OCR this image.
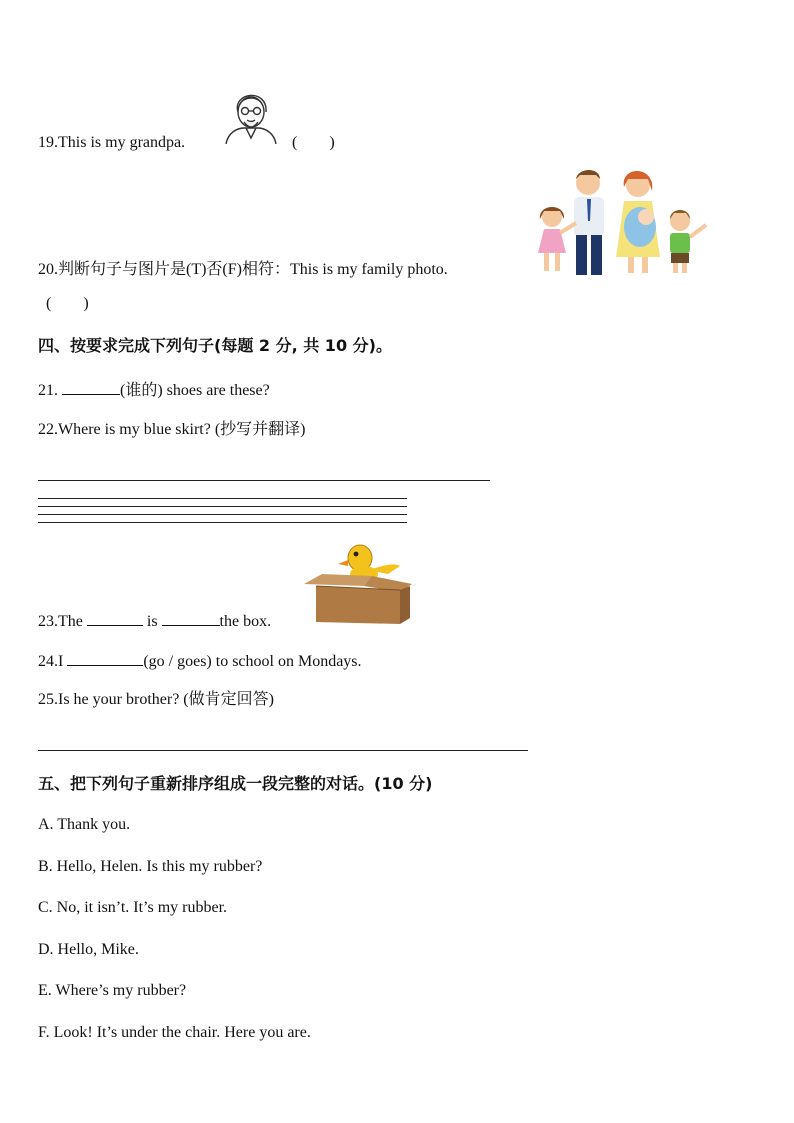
19.This is my grandpa.	(　　)
20.判断句子与图片是(T)否(F)相符：This is my family photo.
(　　)
四、按要求完成下列句子(每题 2 分, 共 10 分)。
21.	(谁的) shoes are these?
22.Where is my blue skirt? (抄写并翻译)
23.The	is	the box.
24.I	(go / goes) to school on Mondays.
25.Is he your brother? (做肯定回答)
五、把下列句子重新排序组成一段完整的对话。(10 分)
A. Thank you.
B. Hello, Helen. Is this my rubber?
C. No, it isn’t. It’s my rubber.
D. Hello, Mike.
E. Where’s my rubber?
F. Look! It’s under the chair. Here you are.
